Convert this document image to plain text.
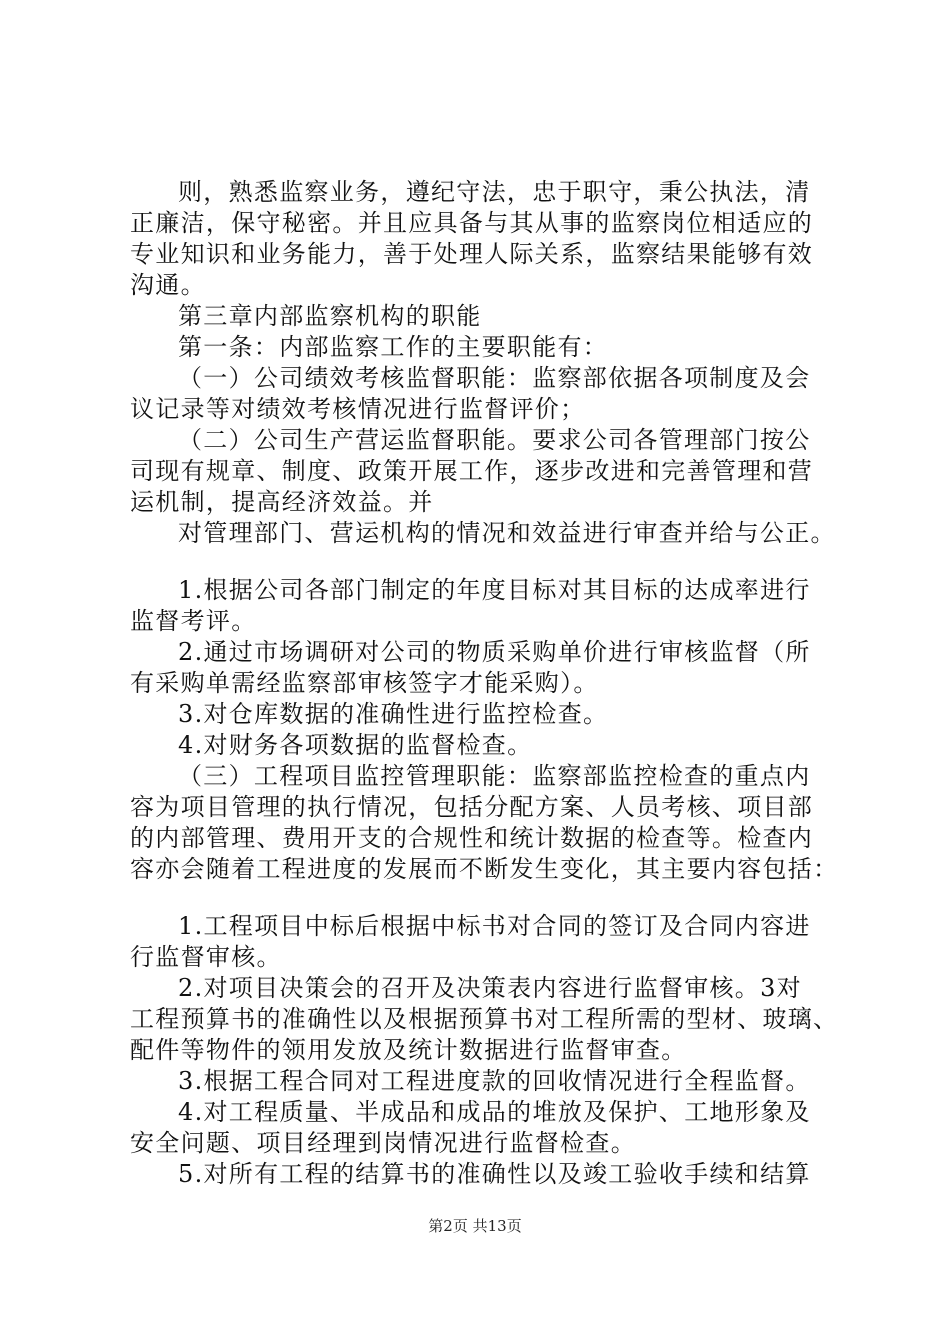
则，熟悉监察业务，遵纪守法，忠于职守，秉公执法，清
正廉洁，保守秘密。并且应具备与其从事的监察岗位相适应的
专业知识和业务能力，善于处理人际关系，监察结果能够有效
沟通。
第三章内部监察机构的职能
第一条：内部监察工作的主要职能有：
（一）公司绩效考核监督职能：监察部依据各项制度及会
议记录等对绩效考核情况进行监督评价；
（二）公司生产营运监督职能。要求公司各管理部门按公
司现有规章、制度、政策开展工作，逐步改进和完善管理和营
运机制，提高经济效益。并
对管理部门、营运机构的情况和效益进行审查并给与公正。
1.根据公司各部门制定的年度目标对其目标的达成率进行
监督考评。
2.通过市场调研对公司的物质采购单价进行审核监督（所
有采购单需经监察部审核签字才能采购）。
3.对仓库数据的准确性进行监控检查。
4.对财务各项数据的监督检查。
（三）工程项目监控管理职能：监察部监控检查的重点内
容为项目管理的执行情况，包括分配方案、人员考核、项目部
的内部管理、费用开支的合规性和统计数据的检查等。检查内
容亦会随着工程进度的发展而不断发生变化，其主要内容包括：
1.工程项目中标后根据中标书对合同的签订及合同内容进
行监督审核。
2.对项目决策会的召开及决策表内容进行监督审核。3对
工程预算书的准确性以及根据预算书对工程所需的型材、玻璃、
配件等物件的领用发放及统计数据进行监督审查。
3.根据工程合同对工程进度款的回收情况进行全程监督。
4.对工程质量、半成品和成品的堆放及保护、工地形象及
安全问题、项目经理到岗情况进行监督检查。
5.对所有工程的结算书的准确性以及竣工验收手续和结算
第2页 共13页
